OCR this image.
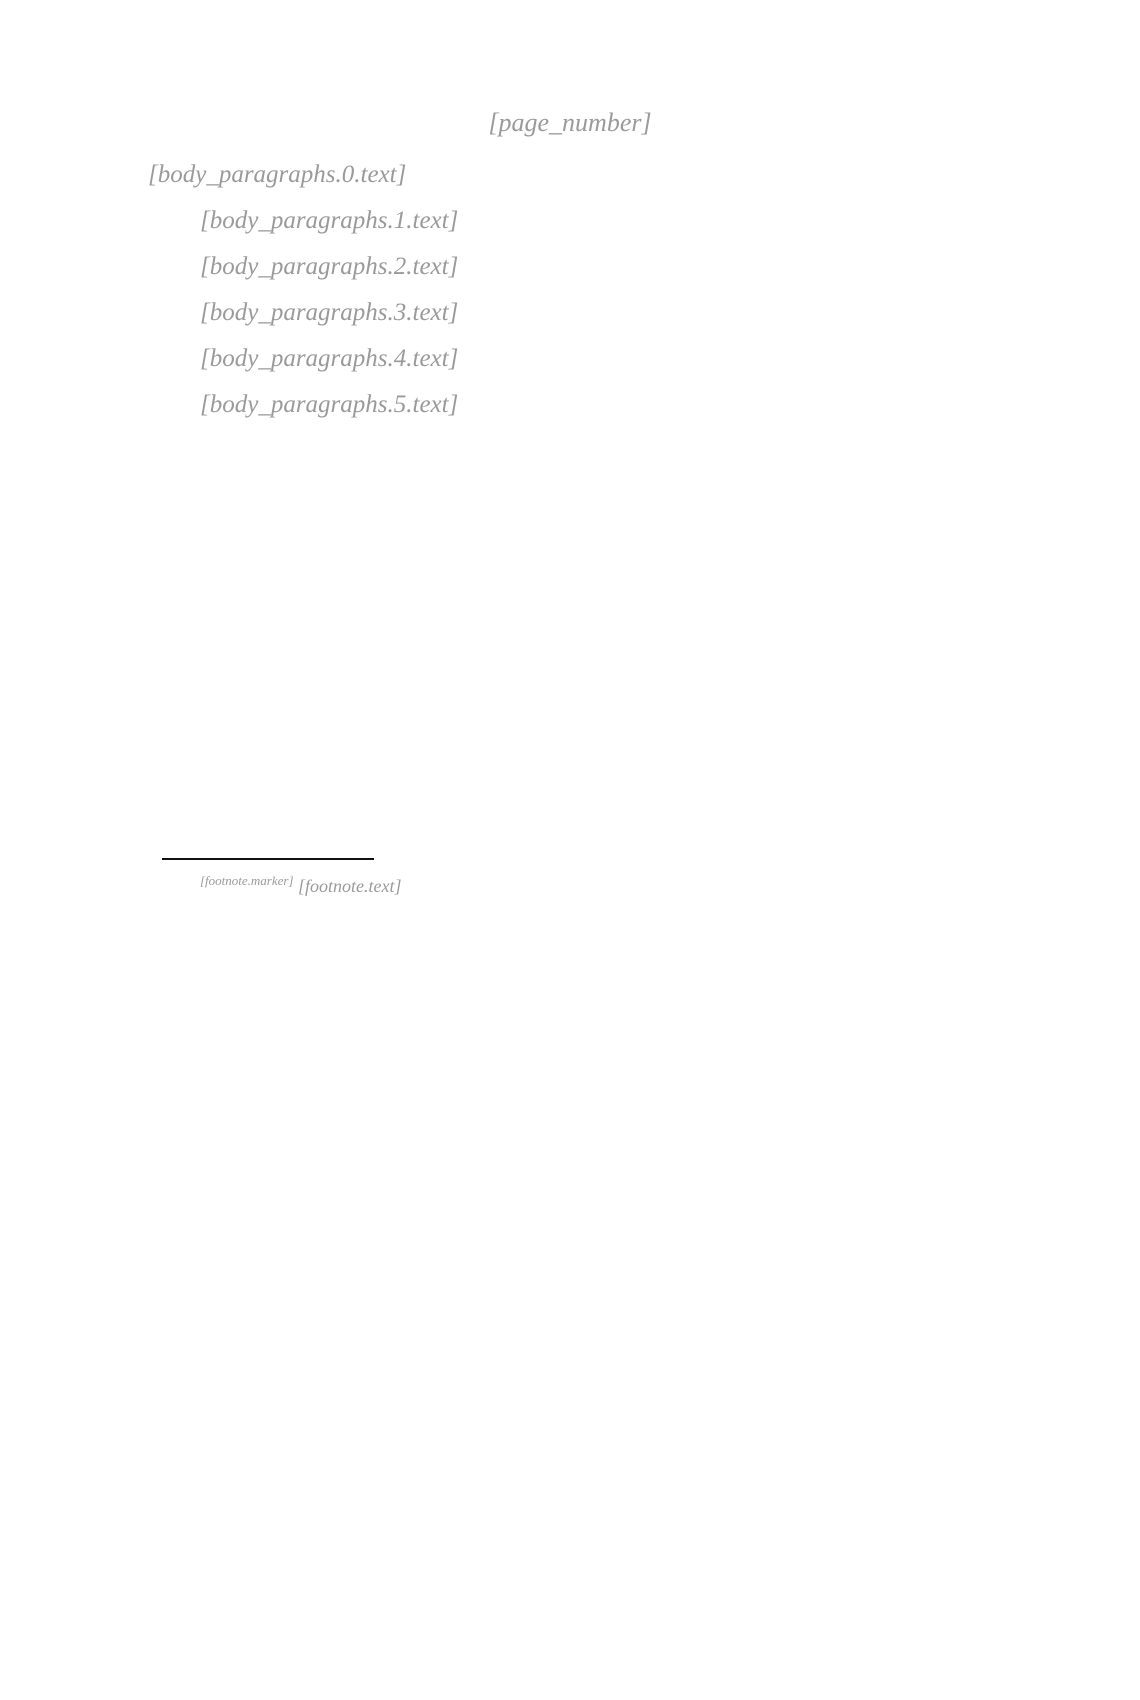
[page_number]

[body_paragraphs.0.text]

[body_paragraphs.1.text]

[body_paragraphs.2.text]

[body_paragraphs.3.text]

[body_paragraphs.4.text]

[body_paragraphs.5.text]

[footnote.marker] [footnote.text]
